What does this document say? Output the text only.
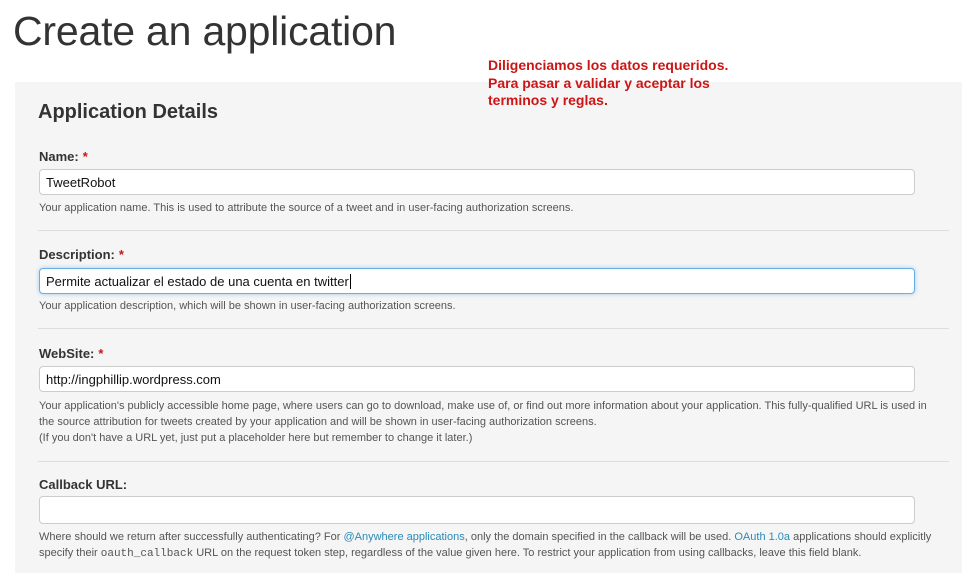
Create an application
Diligenciamos los datos requeridos. Para pasar a validar y aceptar los terminos y reglas.
Application Details
Name: *
TweetRobot
Your application name. This is used to attribute the source of a tweet and in user-facing authorization screens.
Description: *
Permite actualizar el estado de una cuenta en twitter
Your application description, which will be shown in user-facing authorization screens.
WebSite: *
http://ingphillip.wordpress.com
Your application's publicly accessible home page, where users can go to download, make use of, or find out more information about your application. This fully-qualified URL is used in the source attribution for tweets created by your application and will be shown in user-facing authorization screens.
(If you don't have a URL yet, just put a placeholder here but remember to change it later.)
Callback URL:
Where should we return after successfully authenticating? For @Anywhere applications, only the domain specified in the callback will be used. OAuth 1.0a applications should explicitly specify their oauth_callback URL on the request token step, regardless of the value given here. To restrict your application from using callbacks, leave this field blank.
